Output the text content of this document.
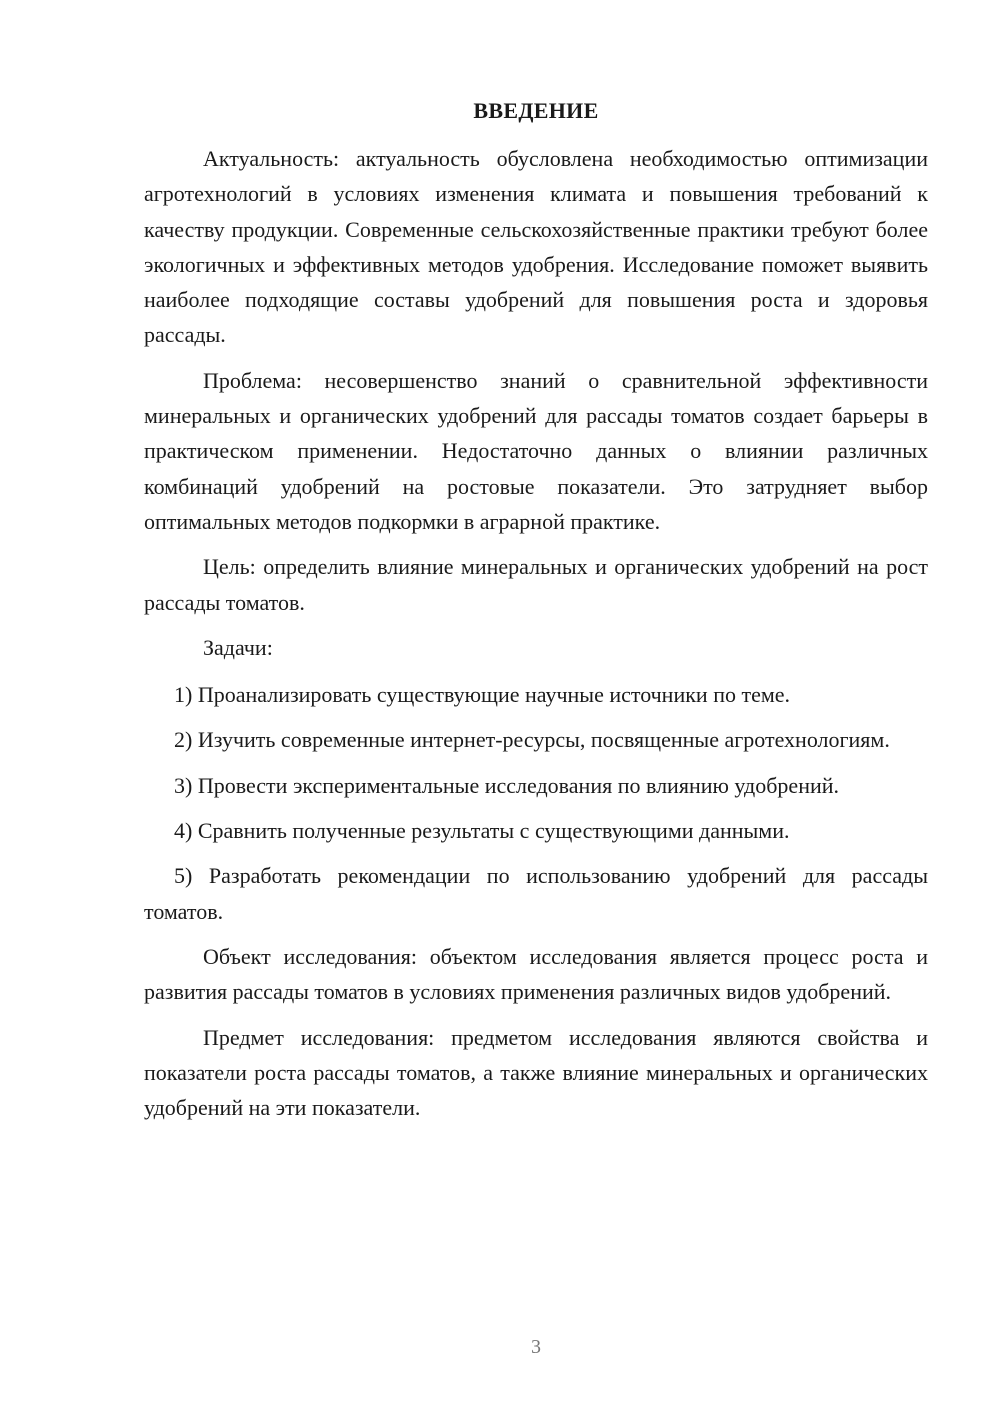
ВВЕДЕНИЕ

Актуальность: актуальность обусловлена необходимостью оптимизации агротехнологий в условиях изменения климата и повышения требований к качеству продукции. Современные сельскохозяйственные практики требуют более экологичных и эффективных методов удобрения. Исследование поможет выявить наиболее подходящие составы удобрений для повышения роста и здоровья рассады.

Проблема: несовершенство знаний о сравнительной эффективности минеральных и органических удобрений для рассады томатов создает барьеры в практическом применении. Недостаточно данных о влиянии различных комбинаций удобрений на ростовые показатели. Это затрудняет выбор оптимальных методов подкормки в аграрной практике.

Цель: определить влияние минеральных и органических удобрений на рост рассады томатов.

Задачи:

1) Проанализировать существующие научные источники по теме.

2) Изучить современные интернет-ресурсы, посвященные агротехнологиям.

3) Провести экспериментальные исследования по влиянию удобрений.

4) Сравнить полученные результаты с существующими данными.

5) Разработать рекомендации по использованию удобрений для рассады томатов.

Объект исследования: объектом исследования является процесс роста и развития рассады томатов в условиях применения различных видов удобрений.

Предмет исследования: предметом исследования являются свойства и показатели роста рассады томатов, а также влияние минеральных и органических удобрений на эти показатели.

3
